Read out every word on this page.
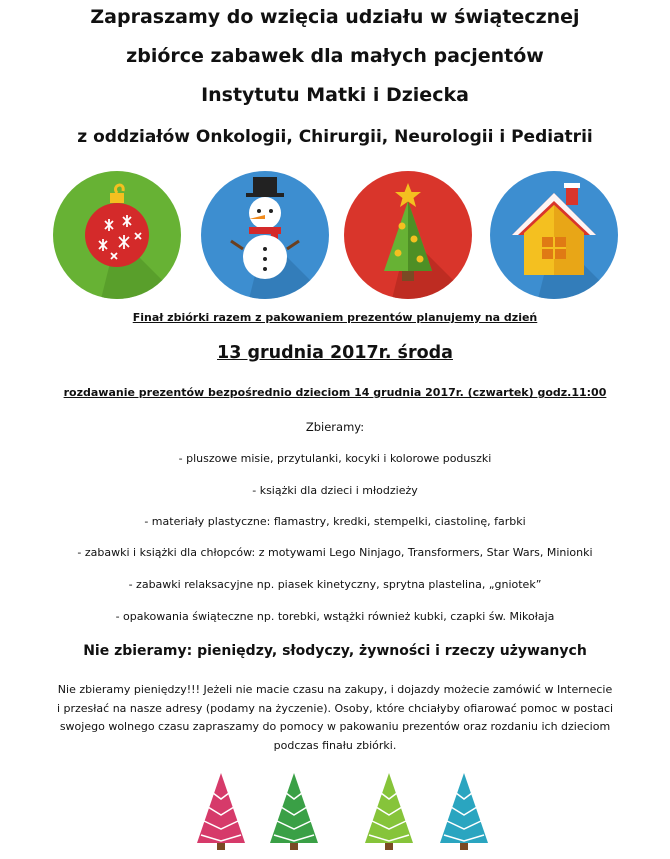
Zapraszamy do wzięcia udziału w świątecznej
zbiórce zabawek dla małych pacjentów
Instytutu Matki i Dziecka
z oddziałów Onkologii, Chirurgii, Neurologii i Pediatrii
Finał zbiórki razem z pakowaniem prezentów planujemy na dzień
13 grudnia 2017r. środa
rozdawanie prezentów bezpośrednio dzieciom 14 grudnia 2017r. (czwartek) godz.11:00
Zbieramy:
- pluszowe misie, przytulanki, kocyki i kolorowe poduszki
- książki dla dzieci i młodzieży
- materiały plastyczne: flamastry, kredki, stempelki, ciastolinę, farbki
- zabawki i książki dla chłopców: z motywami Lego Ninjago, Transformers, Star Wars, Minionki
- zabawki relaksacyjne np. piasek kinetyczny, sprytna plastelina, „gniotek”
- opakowania świąteczne np. torebki, wstążki również kubki, czapki św. Mikołaja
Nie zbieramy: pieniędzy, słodyczy, żywności i rzeczy używanych
Nie zbieramy pieniędzy!!! Jeżeli nie macie czasu na zakupy, i dojazdy możecie zamówić w Internecie
i przesłać na nasze adresy (podamy na życzenie). Osoby, które chciałyby ofiarować pomoc w postaci
swojego wolnego czasu zapraszamy do pomocy w pakowaniu prezentów oraz rozdaniu ich dzieciom
podczas finału zbiórki.
